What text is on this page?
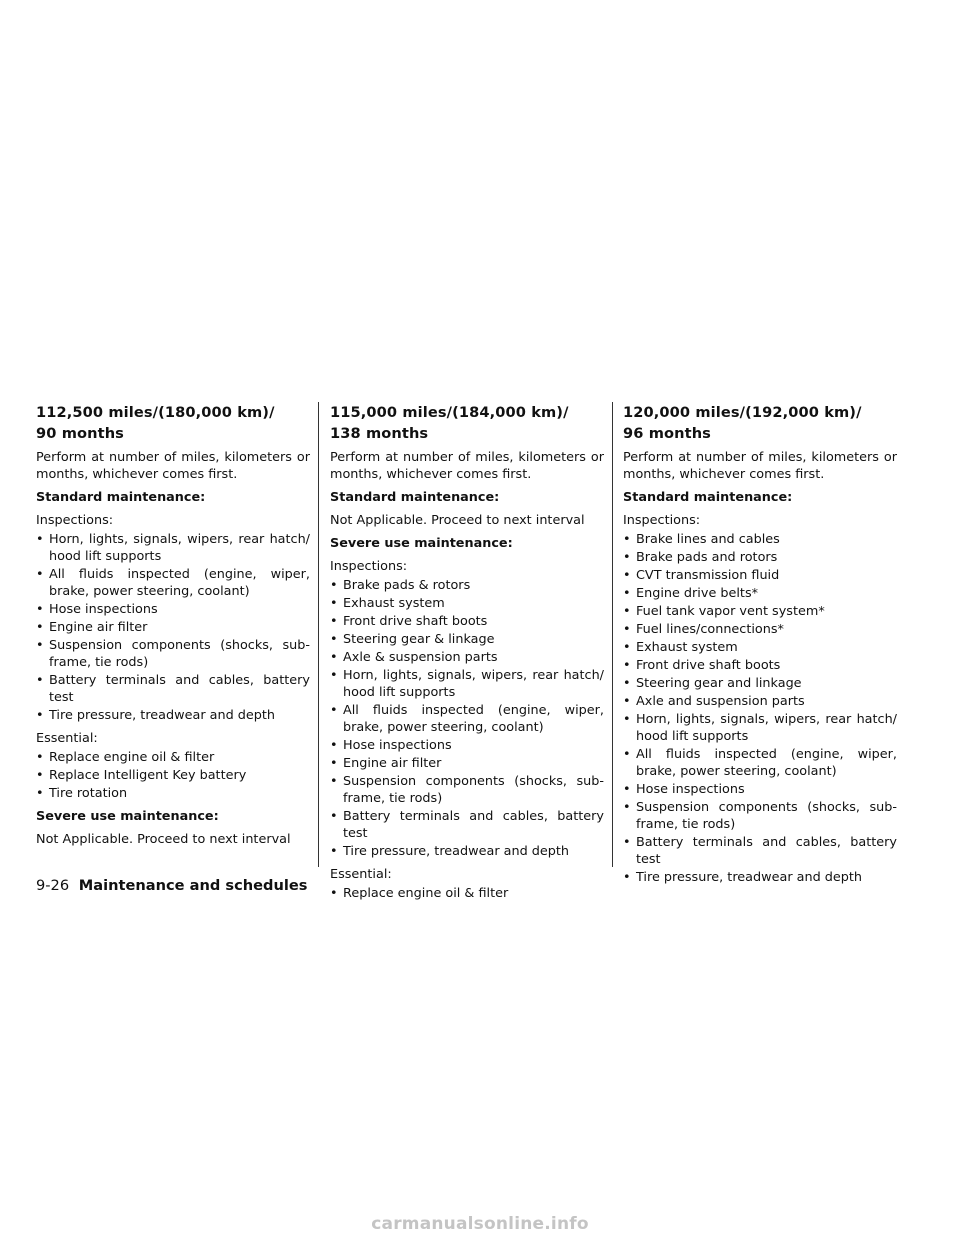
112,500 miles/(180,000 km)/
90 months
Perform at number of miles, kilometers or months, whichever comes first.
Standard maintenance:
Inspections:
• Horn, lights, signals, wipers, rear hatch/ hood lift supports
• All fluids inspected (engine, wiper, brake, power steering, coolant)
• Hose inspections
• Engine air filter
• Suspension components (shocks, sub-frame, tie rods)
• Battery terminals and cables, battery test
• Tire pressure, treadwear and depth
Essential:
• Replace engine oil & filter
• Replace Intelligent Key battery
• Tire rotation
Severe use maintenance:
Not Applicable. Proceed to next interval
115,000 miles/(184,000 km)/
138 months
Perform at number of miles, kilometers or months, whichever comes first.
Standard maintenance:
Not Applicable. Proceed to next interval
Severe use maintenance:
Inspections:
• Brake pads & rotors
• Exhaust system
• Front drive shaft boots
• Steering gear & linkage
• Axle & suspension parts
• Horn, lights, signals, wipers, rear hatch/ hood lift supports
• All fluids inspected (engine, wiper, brake, power steering, coolant)
• Hose inspections
• Engine air filter
• Suspension components (shocks, sub-frame, tie rods)
• Battery terminals and cables, battery test
• Tire pressure, treadwear and depth
Essential:
• Replace engine oil & filter
120,000 miles/(192,000 km)/
96 months
Perform at number of miles, kilometers or months, whichever comes first.
Standard maintenance:
Inspections:
• Brake lines and cables
• Brake pads and rotors
• CVT transmission fluid
• Engine drive belts*
• Fuel tank vapor vent system*
• Fuel lines/connections*
• Exhaust system
• Front drive shaft boots
• Steering gear and linkage
• Axle and suspension parts
• Horn, lights, signals, wipers, rear hatch/ hood lift supports
• All fluids inspected (engine, wiper, brake, power steering, coolant)
• Hose inspections
• Suspension components (shocks, sub-frame, tie rods)
• Battery terminals and cables, battery test
• Tire pressure, treadwear and depth
9-26 Maintenance and schedules
carmanualsonline.info
